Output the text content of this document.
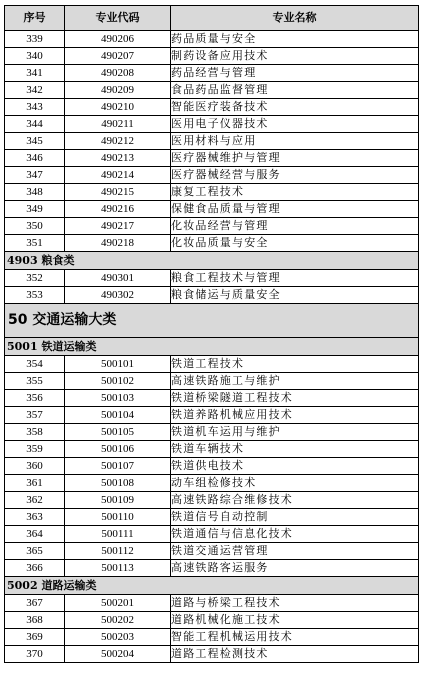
序号	专业代码	专业名称
339	490206	药品质量与安全
340	490207	制药设备应用技术
341	490208	药品经营与管理
342	490209	食品药品监督管理
343	490210	智能医疗装备技术
344	490211	医用电子仪器技术
345	490212	医用材料与应用
346	490213	医疗器械维护与管理
347	490214	医疗器械经营与服务
348	490215	康复工程技术
349	490216	保健食品质量与管理
350	490217	化妆品经营与管理
351	490218	化妆品质量与安全
4903 粮食类		
352	490301	粮食工程技术与管理
353	490302	粮食储运与质量安全
50 交通运输大类		
5001 铁道运输类		
354	500101	铁道工程技术
355	500102	高速铁路施工与维护
356	500103	铁道桥梁隧道工程技术
357	500104	铁道养路机械应用技术
358	500105	铁道机车运用与维护
359	500106	铁道车辆技术
360	500107	铁道供电技术
361	500108	动车组检修技术
362	500109	高速铁路综合维修技术
363	500110	铁道信号自动控制
364	500111	铁道通信与信息化技术
365	500112	铁道交通运营管理
366	500113	高速铁路客运服务
5002 道路运输类		
367	500201	道路与桥梁工程技术
368	500202	道路机械化施工技术
369	500203	智能工程机械运用技术
370	500204	道路工程检测技术
